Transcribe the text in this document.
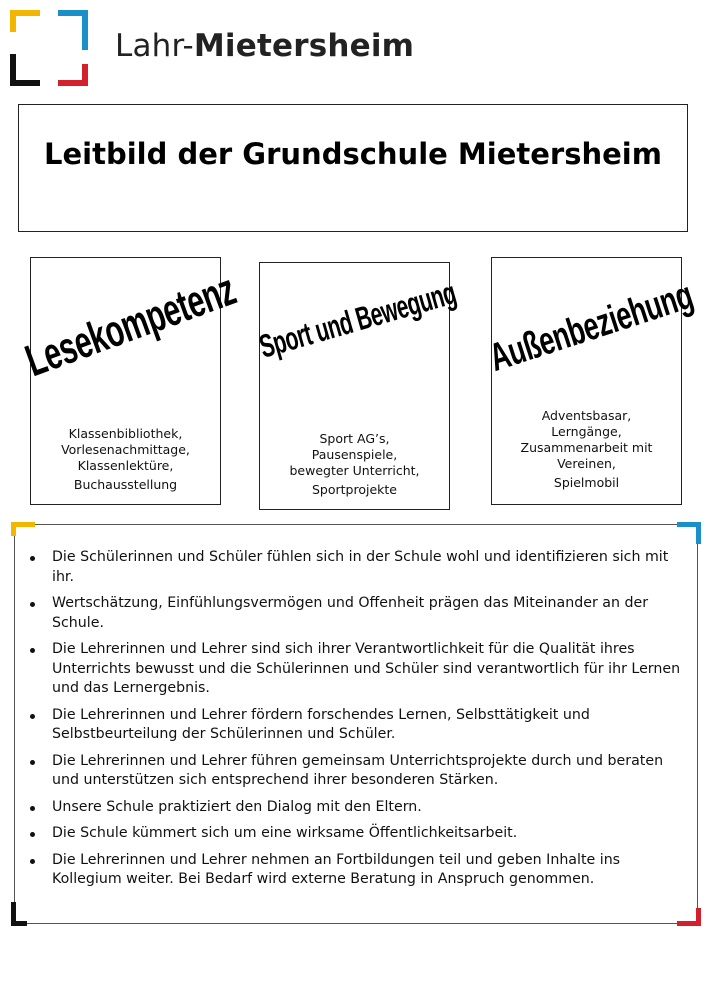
Lahr-Mietersheim
Leitbild der Grundschule Mietersheim
Lesekompetenz
Klassenbibliothek,
Vorlesenachmittage,
Klassenlektüre,
Buchausstellung
Sport und Bewegung
Sport AG’s,
Pausenspiele,
bewegter Unterricht,
Sportprojekte
Außenbeziehung
Adventsbasar,
Lerngänge,
Zusammenarbeit mit
Vereinen,
Spielmobil
Die Schülerinnen und Schüler fühlen sich in der Schule wohl und identifizieren sich mit ihr.
Wertschätzung, Einfühlungsvermögen und Offenheit prägen das Miteinander an der Schule.
Die Lehrerinnen und Lehrer sind sich ihrer Verantwortlichkeit für die Qualität ihres Unterrichts bewusst und die Schülerinnen und Schüler sind verantwortlich für ihr Lernen und das Lernergebnis.
Die Lehrerinnen und Lehrer fördern forschendes Lernen, Selbsttätigkeit und Selbstbeurteilung der Schülerinnen und Schüler.
Die Lehrerinnen und Lehrer führen gemeinsam Unterrichtsprojekte durch und beraten und unterstützen sich entsprechend ihrer besonderen Stärken.
Unsere Schule praktiziert den Dialog mit den Eltern.
Die Schule kümmert sich um eine wirksame Öffentlichkeitsarbeit.
Die Lehrerinnen und Lehrer nehmen an Fortbildungen teil und geben Inhalte ins Kollegium weiter. Bei Bedarf wird externe Beratung in Anspruch genommen.
